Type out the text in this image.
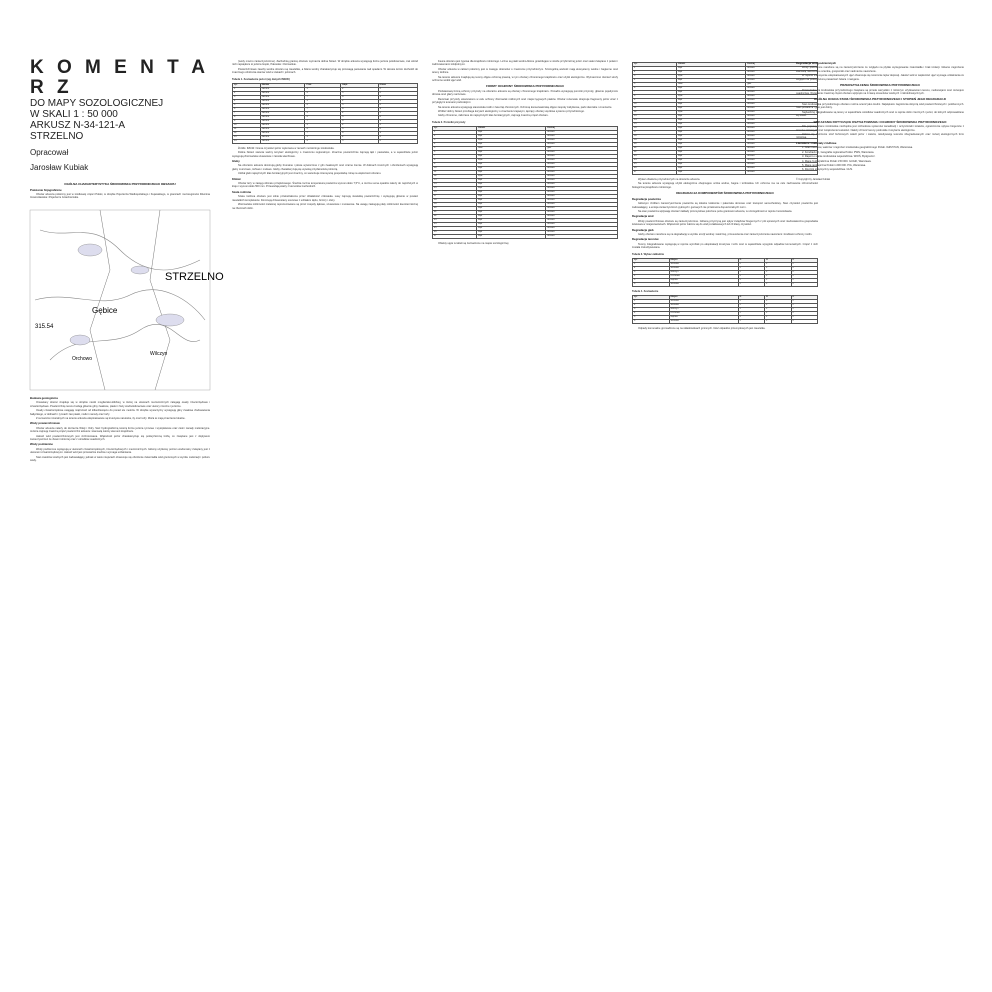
K O M E N T A R Z
DO MAPY SOZOLOGICZNEJ
W SKALI 1 : 50 000
ARKUSZ N-34-121-A
STRZELNO
Opracował
Jarosław Kubiak
OGÓLNA CHARAKTERYSTYKA ŚRODOWISKA PRZYRODNICZEGO OBSZARU
Położenie fizjograficzne

Obszar arkusza położony jest w środkowej części Polski, w obrębie Pojezierza Wielkopolskiego i Kujawskiego, w granicach mezoregionów Równina Inowrocławska i Pojezierze Gnieźnieńskie.

STRZELNO
Gębice
Orchowo
Wilczyn
315.54
Budowa geologiczna

Omawiany obszar znajduje się w obrębie niecki mogileńsko-łódzkiej, w której na utworach mezozoicznych zalegają osady trzeciorzędowe i czwartorzędowe. Powierzchnię terenu budują głównie gliny zwałowe, piaski i żwiry wodnolodowcowe oraz utwory rzeczne i jeziorne.

Osady czwartorzędowe osiągają miąższość od kilkudziesięciu do ponad stu metrów. W obrębie wysoczyzny występują gliny zwałowe zlodowacenia bałtyckiego, w dolinach i rynnach zaś piaski, mułki i namuły oraz torfy.

Z surowców mineralnych na terenie arkusza eksploatowane są kruszywa naturalne, iły oraz torfy. Złoża te mają znaczenie lokalne.

Wody powierzchniowe

Obszar arkusza należy do dorzecza Wisły i Odry. Sieć hydrograficzną tworzą liczne jeziora rynnowe i wytopiskowe oraz cieki i kanały melioracyjne. Jeziora zajmują znaczną część powierzchni arkusza i stanowią istotny element krajobrazu.

Jakość wód powierzchniowych jest zróżnicowana. Większość jezior charakteryzuje się podwyższoną trofią, co związane jest z dopływem zanieczyszczeń ze zlewni rolniczej oraz z ośrodków osadniczych.

Wody podziemne

Wody podziemne występują w utworach czwartorzędowych, trzeciorzędowych i mezozoicznych. Główny użytkowy poziom wodonośny związany jest z utworami czwartorzędowymi. Jakość wód jest przeważnie średnia i wymaga uzdatniania.

Stan zasobów wodnych jest zadowalający, jednak w wielu miejscach obserwuje się obniżenie zwierciadła wód gruntowych w wyniku melioracji i poboru wody.

(wody mocno zanieczyszczone). Zachodnią granicę obszaru wyznacza dolina Noteci. W obrębie arkusza występują liczne jeziora polodowcowe, zaś wśród nich największe to jeziora Gopło, Pakoskie i Ostrowskie.

Powierzchniowe zasoby wodne obszaru są niewielkie, a bilans wodny charakteryzuje się przewagą parowania nad opadami. W okresie letnim dochodzi do znacznego obniżenia stanów wód w ciekach i jeziorach.

Tabela 1. Zestawienie jezior (wg danych IMGW)
Lp.	Nazwa	Pow.	Głęb.	Klasa
1	Jezioro	1	2	3
2	Jezioro	4	5	6
3	Jezioro	7	8	9
4	Jezioro	1	2	3
5	Jezioro	4	5	6
6	Jezioro	7	8	9
7	Jezioro	1	2	3
8	Jezioro	4	5	6
9	Jezioro	7	8	9
10	Jezioro	1	2	3
11	Jezioro	4	5	6
12	Jezioro	7	8	9
13	Jezioro	1	2	3
14	Jezioro	4	5	6

Źródło: IMGW. Ocena czystości jezior wykonana w ramach monitoringu środowiska.

Dolina Noteci stanowi ważny korytarz ekologiczny o znaczeniu regionalnym. Znaczne powierzchnie zajmują łąki i pastwiska, a w sąsiedztwie jezior występują zbiorowiska szuwarowe i zarośla wierzbowe.

Gleby

Na obszarze arkusza dominują gleby brunatne i płowe wytworzone z glin zwałowych oraz czarne ziemie. W dolinach rzecznych i obniżeniach występują gleby murszowe, torfowe i mułowe. Gleby charakteryzują się wysoką przydatnością rolniczą.

Udział gleb najwyższych klas bonitacyjnych jest znaczny, co warunkuje intensywną gospodarkę rolną na większości obszaru.

Klimat

Obszar leży w zasięgu klimatu przejściowego. Średnia roczna temperatura powietrza wynosi około 7,5°C, a roczna suma opadów należy do najniższych w kraju i wynosi około 500 mm. Przeważają wiatry z kierunków zachodnich.

Szata roślinna

Szata roślinna obszaru jest silnie przekształcona przez działalność człowieka. Lasy zajmują niewielką powierzchnię i występują głównie w postaci niewielkich kompleksów. Dominują drzewostany sosnowe z udziałem dębu, brzozy i olszy.

Zbiorowiska roślinności nieleśnej reprezentowane są przez zespoły łąkowe, szuwarowe i murawowe. Na uwagę zasługują płaty roślinności kserotermicznej na zboczach dolin.

Fauna obszaru jest typowa dla krajobrazu rolniczego. Liczne są ptaki wodno-błotne gniazdujące w strefie przybrzeżnej jezior oraz ssaki związane z polami i zadrzewieniami śródpolnymi.

Obszar arkusza w całości położony jest w zasięgu obszarów o znaczeniu przyrodniczym. Szczególną wartość mają ekosystemy wodne i bagienne oraz tereny dolinne.

Na terenie arkusza znajdują się tereny objęte ochroną prawną, w tym obszary chronionego krajobrazu oraz użytki ekologiczne. Wyznaczono również strefy ochronne wokół ujęć wód.

FORMY OCHRONY ŚRODOWISKA PRZYRODNICZEGO

Podstawową formą ochrony przyrody na obszarze arkusza są obszary chronionego krajobrazu. Ponadto występują pomniki przyrody, głównie pojedyncze drzewa oraz głazy narzutowe.

Rezerwat przyrody ustanowiono w celu ochrony zbiorowisk roślinnych oraz miejsc lęgowych ptaków. Obszar rezerwatu obejmuje fragmenty jezior wraz z przyległymi terenami podmokłymi.

Na terenie arkusza występują stanowiska roślin i zwierząt chronionych. Ochroną konserwatorską objęto zespoły zabytkowe, parki dworskie i cmentarze.

Wzdłuż doliny Noteci przebiega korytarz ekologiczny o znaczeniu krajowym, łączący obszary węzłowe systemu przyrodniczego.

Gleby chronione, zaliczane do najwyższych klas bonitacyjnych, zajmują znaczną część obszaru.

Tabela 2. Pomniki przyrody
Lp.	Obiekt	Rodzaj
1	Dąb	drzewo
2	Dąb	drzewo
3	Lipa	drzewo
4	Dąb	drzewo
5	Głaz	głaz
6	Dąb	drzewo
7	Dąb	drzewo
8	Lipa	drzewo
9	Dąb	drzewo
10	Dąb	drzewo
11	Dąb	drzewo
12	Lipa	drzewo
13	Dąb	drzewo
14	Dąb	drzewo
15	Dąb	drzewo
16	Dąb	drzewo
17	Dąb	drzewo
18	Dąb	drzewo
19	Dąb	drzewo
20	Dąb	drzewo
21	Dąb	drzewo
22	Dąb	drzewo
23	Dąb	drzewo
24	Dąb	drzewo
25	Dąb	drzewo
26	Dąb	drzewo
27	Dąb	drzewo

Obiekty ujęte w tabeli są zaznaczone na mapie sozologicznej.

Lp.	Obiekt	Rodzaj
1	Dąb	drzewo
2	Dąb	drzewo
3	Lipa	drzewo
4	Dąb	drzewo
5	Głaz	głaz
6	Dąb	drzewo
7	Dąb	drzewo
8	Lipa	drzewo
9	Dąb	drzewo
10	Dąb	drzewo
11	Dąb	drzewo
12	Lipa	drzewo
13	Dąb	drzewo
14	Dąb	drzewo
15	Dąb	drzewo
16	Dąb	drzewo
17	Dąb	drzewo
18	Dąb	drzewo
19	Dąb	drzewo
20	Dąb	drzewo
21	Dąb	drzewo
22	Dąb	drzewo
23	Dąb	drzewo
24	Dąb	drzewo
25	Dąb	drzewo
26	Dąb	drzewo
27	Dąb	drzewo

Wykaz obiektów przyrodniczych na obszarze arkusza.

Na terenie arkusza występują użytki ekologiczne obejmujące oczka wodne, bagna i torfowiska. Ich ochrona ma na celu zachowanie różnorodności biologicznej krajobrazu rolniczego.

DEGRADACJA KOMPONENTÓW ŚRODOWISKA PRZYRODNICZEGO
Degradacja powietrza

Głównym źródłem zanieczyszczenia powietrza są lokalne kotłownie i paleniska domowe oraz transport samochodowy. Stan czystości powietrza jest zadowalający, a emisja zanieczyszczeń pyłowych i gazowych nie przekracza dopuszczalnych norm.

Na stan powietrza wpływają również zakłady przemysłowe położone poza granicami arkusza, w szczególności w rejonie Inowrocławia.

Degradacja wód

Wody powierzchniowe obszaru są zanieczyszczone. Główną przyczyną jest spływ związków biogennych z pól uprawnych oraz niedostateczna gospodarka ściekowa w miejscowościach. Większość jezior zalicza się do wód pozaklasowych lub III klasy czystości.

Degradacja gleb

Gleby obszaru narażone są na degradację w wyniku erozji wodnej i wietrznej, przesuszenia oraz zanieczyszczenia nawozami i środkami ochrony roślin.

Degradacja terenów

Tereny zdegradowane występują w rejonie wyrobisk po eksploatacji kruszywa i torfu oraz w sąsiedztwie wysypisk odpadów komunalnych. Część z nich została zrekultywowana.

Tabela 3. Wykaz zakładów
Lp.	Miejsc.	A	B	C
1	Strzelno	x	x	x
2	Strzelno	x	x	x
3	Wilczyn	x	x	x
4	Orchowo	x	x	x
5	Gębice	x	x	x
6	Strzelno	x	x	x
Tabela 4. Zestawienie
Lp.	Miejsc.	A	B	C
1	Strzelno	x	x	x
2	Strzelno	x	x	x
3	Wilczyn	x	x	x
4	Orchowo	x	x	x
5	Gębice	x	x	x
6	Strzelno	x	x	x

Odpady komunalne gromadzone są na składowiskach gminnych. Ilość odpadów przemysłowych jest niewielka.

Degradacja wód podziemnych

Wody podziemne narażone są na zanieczyszczenie ze względu na płytkie występowanie zwierciadła i brak izolacji. Główne zagrożenie stanowią nieszczelne szamba, gnojowniki oraz nadmierne nawożenie.

W rejonie intensywnie eksploatowanych ujęć obserwuje się tworzenie lejów depresji. Jakość wód w większości ujęć wymaga uzdatniania ze względu na podwyższoną zawartość żelaza i manganu.

PRZEKSZTAŁCENIA ŚRODOWISKA PRZYRODNICZEGO

Przekształcenia środowiska przyrodniczego związane są przede wszystkim z rolniczym użytkowaniem terenu, melioracjami oraz rozwojem osadnictwa. Wylesienie znacznej części obszaru wpłynęło na zmianę stosunków wodnych i mikroklimatycznych.

OGÓLNA OCENA STANU ŚRODOWISKA PRZYRODNICZEGO I STOPIEŃ JEGO DEGRADACJI

Stan środowiska przyrodniczego obszaru można ocenić jako średni. Największe zagrożenia dotyczą wód powierzchniowych i podziemnych. Stan powietrza i gleb jest dobry.

Najbardziej zdegradowane są tereny w sąsiedztwie ośrodków osadniczych oraz w rejonie dolin rzecznych i jezior, do których odprowadzane są ścieki.

WSKAZANIA DOTYCZĄCE KSZTAŁTOWANIA I OCHRONY ŚRODOWISKA PRZYRODNICZEGO

Dla poprawy stanu środowiska niezbędna jest rozbudowa systemów kanalizacji i oczyszczalni ścieków, ograniczenie spływu biogenów z terenów rolniczych oraz zwiększenie lesistości. Należy chronić tereny podmokłe i korytarze ekologiczne.

Zaleca się tworzenie stref buforowych wokół jezior i cieków, rekultywację terenów zdegradowanych oraz rozwój ekologicznych form rolnictwa.

Literatura i materiały źródłowe

1. Atlas zasobów, walorów i zagrożeń środowiska geograficznego Polski. IGiPZ PAN, Warszawa.

2. Kondracki J., Geografia regionalna Polski. PWN, Warszawa.

3. Raport o stanie środowiska województwa. WIOŚ, Bydgoszcz.

4. Mapa hydrograficzna Polski 1:50 000. GUGiK, Warszawa.

5. Mapa geologiczna Polski 1:200 000. PIG, Warszawa.

6. Rocznik statystyczny województwa. GUS.

© Copyright by Jarosław Kubiak
